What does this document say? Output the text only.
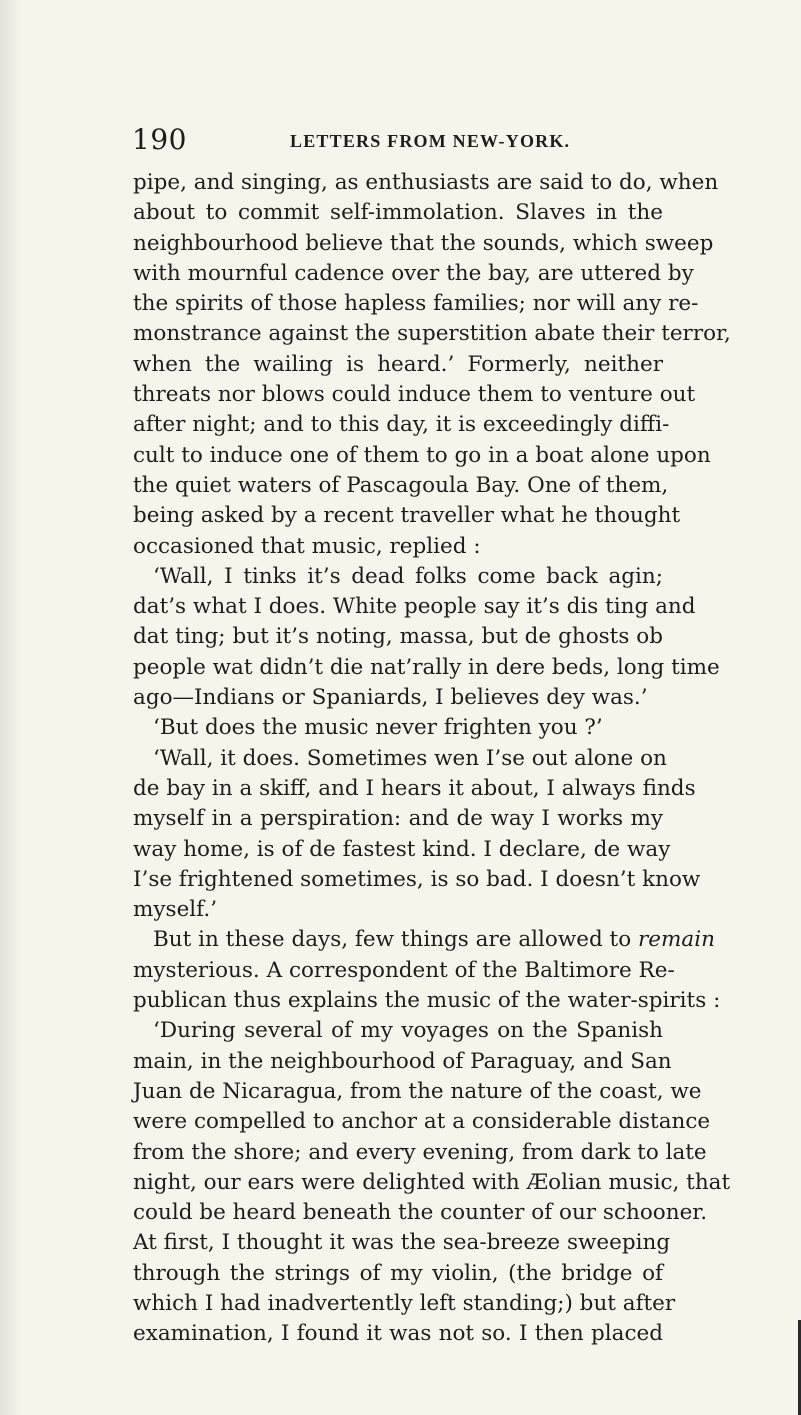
190	LETTERS FROM NEW-YORK.
pipe, and singing, as enthusiasts are said to do, when
about to commit self-immolation. Slaves in the
neighbourhood believe that the sounds, which sweep
with mournful cadence over the bay, are uttered by
the spirits of those hapless families; nor will any re-
monstrance against the superstition abate their terror,
when the wailing is heard.’ Formerly, neither
threats nor blows could induce them to venture out
after night; and to this day, it is exceedingly diffi-
cult to induce one of them to go in a boat alone upon
the quiet waters of Pascagoula Bay. One of them,
being asked by a recent traveller what he thought
occasioned that music, replied :
‘Wall, I tinks it’s dead folks come back agin;
dat’s what I does. White people say it’s dis ting and
dat ting; but it’s noting, massa, but de ghosts ob
people wat didn’t die nat’rally in dere beds, long time
ago—Indians or Spaniards, I believes dey was.’
‘But does the music never frighten you ?’
‘Wall, it does. Sometimes wen I’se out alone on
de bay in a skiff, and I hears it about, I always finds
myself in a perspiration: and de way I works my
way home, is of de fastest kind. I declare, de way
I’se frightened sometimes, is so bad. I doesn’t know
myself.’
But in these days, few things are allowed to remain
mysterious. A correspondent of the Baltimore Re-
publican thus explains the music of the water-spirits :
‘During several of my voyages on the Spanish
main, in the neighbourhood of Paraguay, and San
Juan de Nicaragua, from the nature of the coast, we
were compelled to anchor at a considerable distance
from the shore; and every evening, from dark to late
night, our ears were delighted with Æolian music, that
could be heard beneath the counter of our schooner.
At first, I thought it was the sea-breeze sweeping
through the strings of my violin, (the bridge of
which I had inadvertently left standing;) but after
examination, I found it was not so. I then placed
